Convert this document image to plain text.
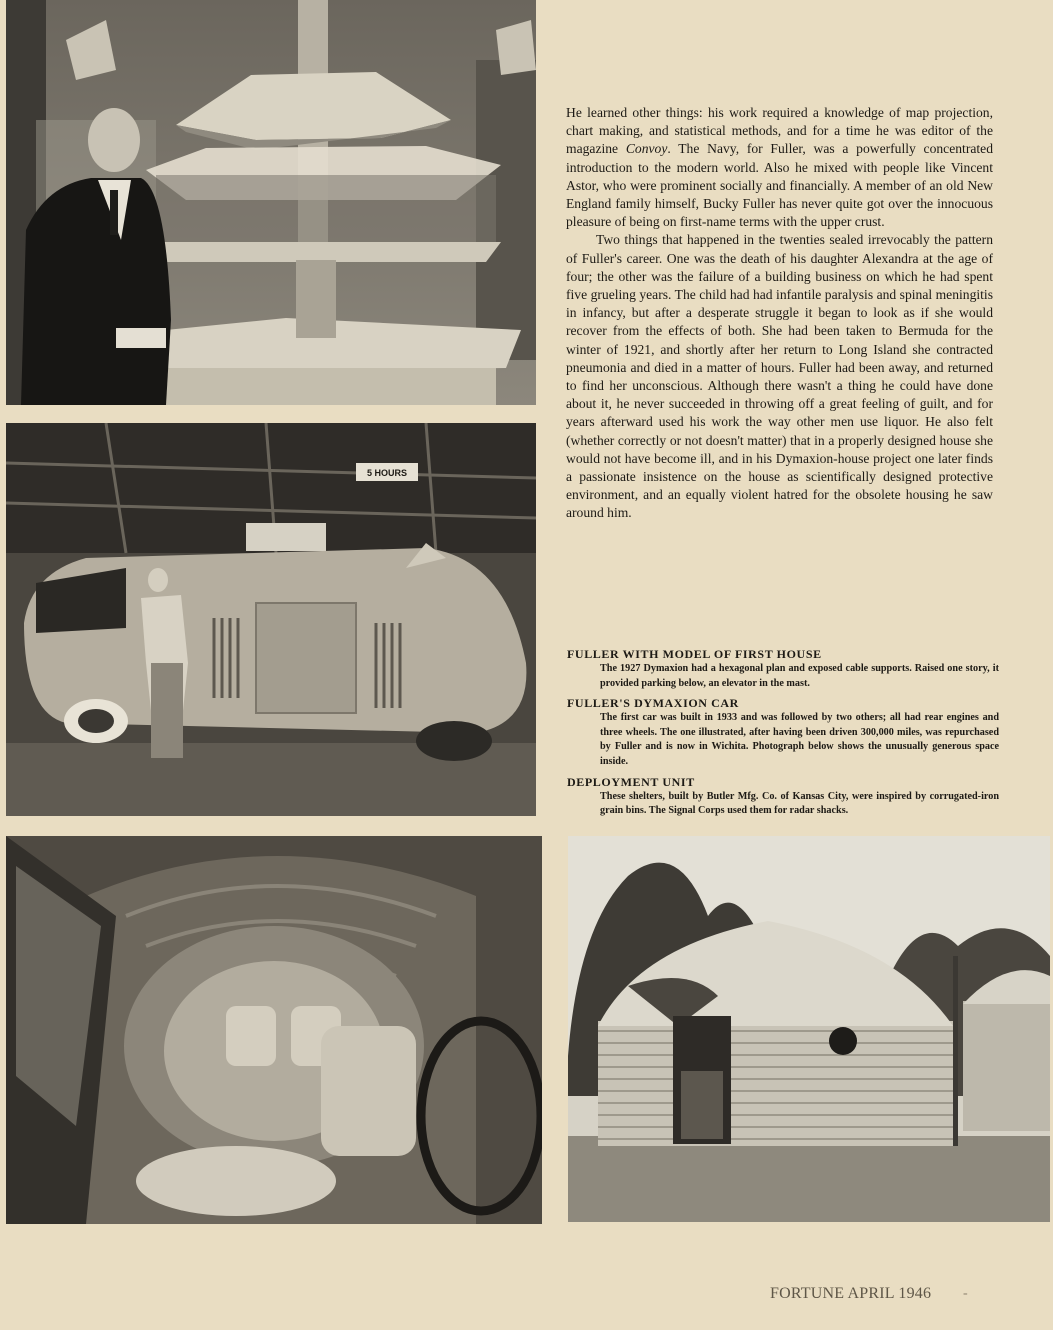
5 HOURS

He learned other things: his work required a knowledge of map projection, chart making, and statistical methods, and for a time he was editor of the magazine Convoy. The Navy, for Fuller, was a powerfully concentrated introduction to the modern world. Also he mixed with people like Vincent Astor, who were prominent socially and financially. A member of an old New England family himself, Bucky Fuller has never quite got over the innocuous pleasure of being on first-name terms with the upper crust.

Two things that happened in the twenties sealed irrevocably the pattern of Fuller's career. One was the death of his daughter Alexandra at the age of four; the other was the failure of a building business on which he had spent five grueling years. The child had had infantile paralysis and spinal meningitis in infancy, but after a desperate struggle it began to look as if she would recover from the effects of both. She had been taken to Bermuda for the winter of 1921, and shortly after her return to Long Island she contracted pneumonia and died in a matter of hours. Fuller had been away, and returned to find her unconscious. Although there wasn't a thing he could have done about it, he never succeeded in throwing off a great feeling of guilt, and for years afterward used his work the way other men use liquor. He also felt (whether correctly or not doesn't matter) that in a properly designed house she would not have become ill, and in his Dymaxion-house project one later finds a passionate insistence on the house as scientifically designed protective environment, and an equally violent hatred for the obsolete housing he saw around him.

FULLER WITH MODEL OF FIRST HOUSE

The 1927 Dymaxion had a hexagonal plan and exposed cable supports. Raised one story, it provided parking below, an elevator in the mast.

FULLER'S DYMAXION CAR

The first car was built in 1933 and was followed by two others; all had rear engines and three wheels. The one illustrated, after having been driven 300,000 miles, was repurchased by Fuller and is now in Wichita. Photograph below shows the unusually generous space inside.

DEPLOYMENT UNIT

These shelters, built by Butler Mfg. Co. of Kansas City, were inspired by corrugated-iron grain bins. The Signal Corps used them for radar shacks.

FORTUNE APRIL 1946 -
